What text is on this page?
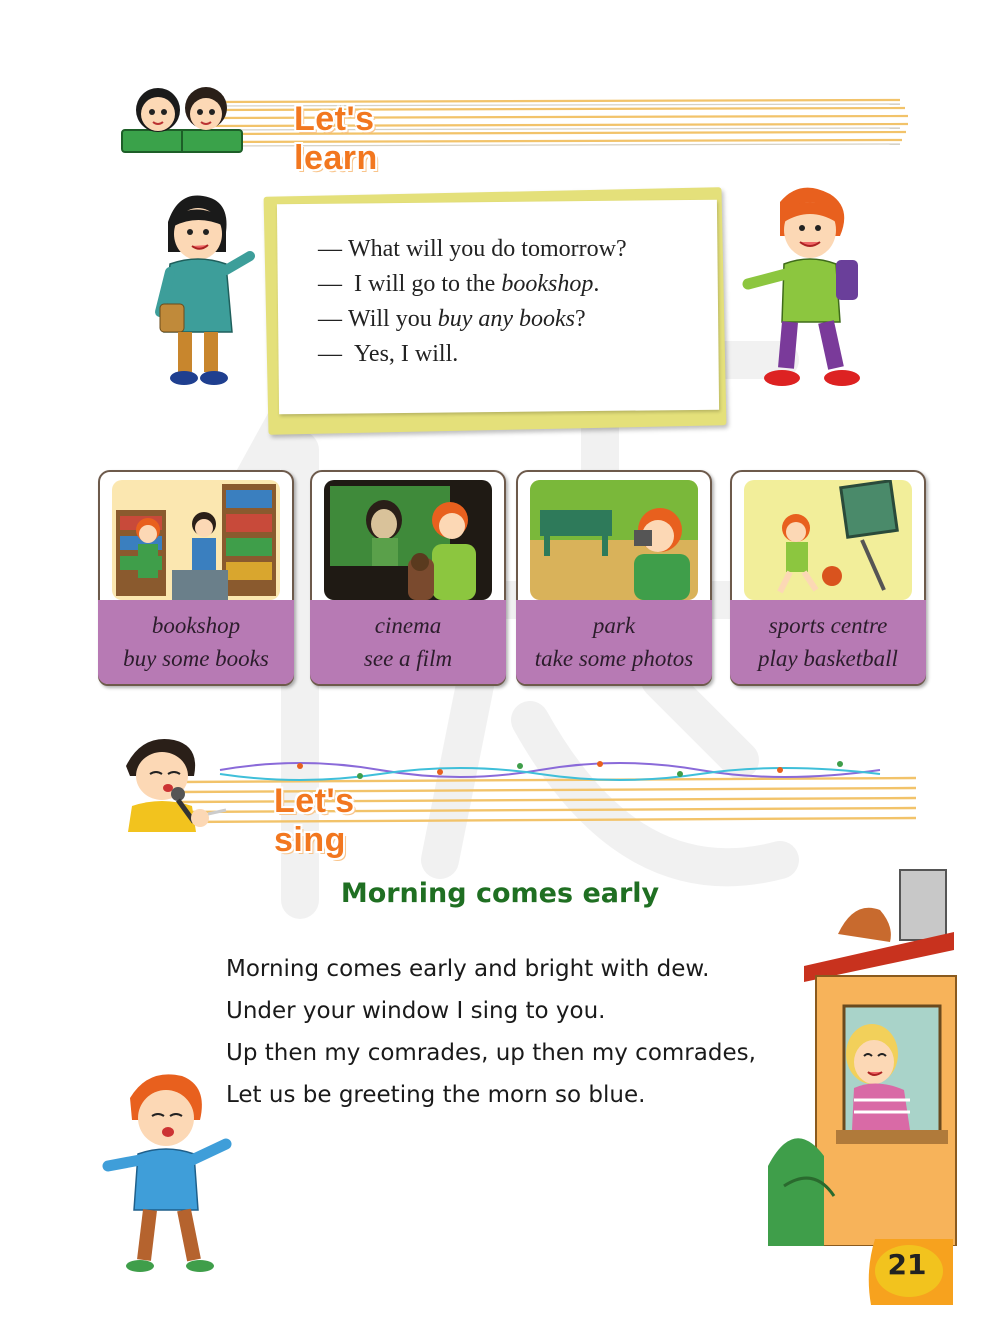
Let's learn
— What will you do tomorrow?
— I will go to the bookshop.
— Will you buy any books?
— Yes, I will.
bookshop
buy some books
cinema
see a film
park
take some photos
sports centre
play basketball
Let's sing
Morning comes early
Morning comes early and bright with dew.
Under your window I sing to you.
Up then my comrades, up then my comrades,
Let us be greeting the morn so blue.
21
